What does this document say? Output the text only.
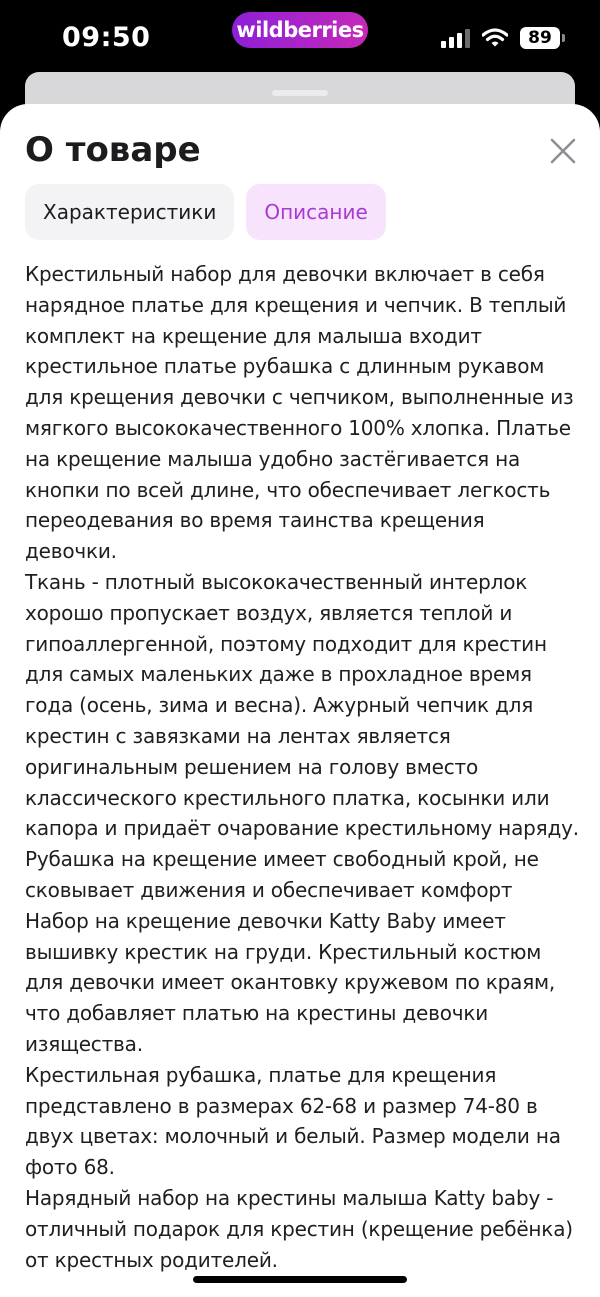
09:50	wildberries	89
О товаре
Характеристики Описание

Крестильный набор для девочки включает в себя нарядное платье для крещения и чепчик. В теплый комплект на крещение для малыша входит крестильное платье рубашка с длинным рукавом для крещения девочки с чепчиком, выполненные из мягкого высококачественного 100% хлопка. Платье на крещение малыша удобно застёгивается на кнопки по всей длине, что обеспечивает легкость переодевания во время таинства крещения девочки.

Ткань - плотный высококачественный интерлок хорошо пропускает воздух, является теплой и гипоаллергенной, поэтому подходит для крестин для самых маленьких даже в прохладное время года (осень, зима и весна). Ажурный чепчик для крестин с завязками на лентах является оригинальным решением на голову вместо классического крестильного платка, косынки или капора и придаёт очарование крестильному наряду. Рубашка на крещение имеет свободный крой, не сковывает движения и обеспечивает комфорт

Набор на крещение девочки Katty Baby имеет вышивку крестик на груди. Крестильный костюм для девочки имеет окантовку кружевом по краям, что добавляет платью на крестины девочки изящества.

Крестильная рубашка, платье для крещения представлено в размерах 62-68 и размер 74-80 в двух цветах: молочный и белый. Размер модели на фото 68.

Нарядный набор на крестины малыша Katty baby - отличный подарок для крестин (крещение ребёнка) от крестных родителей.
